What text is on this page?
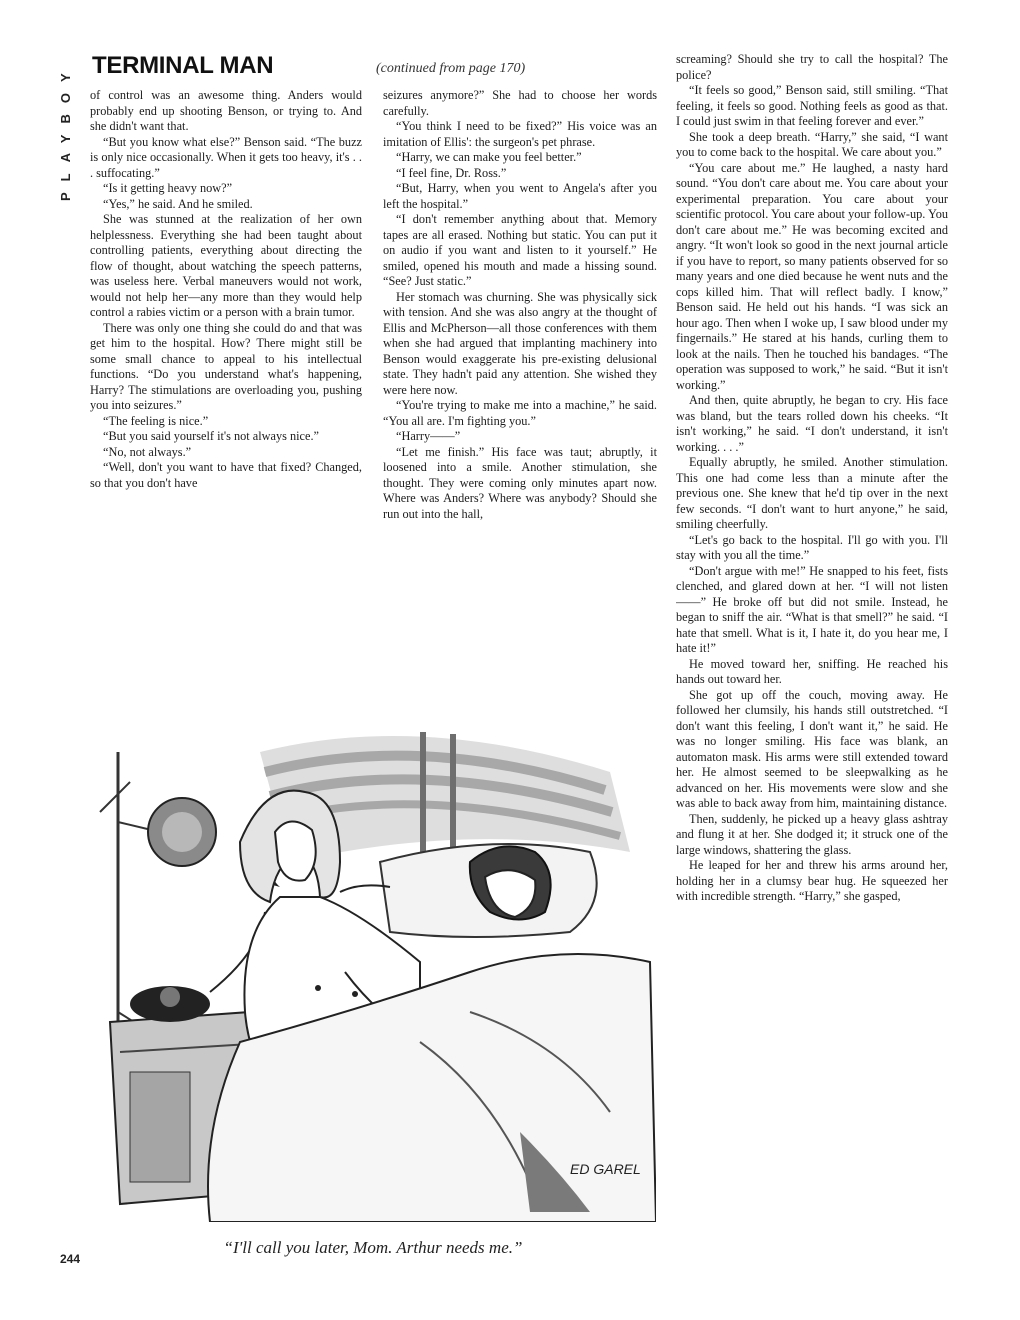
PLAYBOY TERMINAL MAN	(continued from page 170)

of control was an awesome thing. Anders would probably end up shooting Benson, or trying to. And she didn't want that.

“But you know what else?” Benson said. “The buzz is only nice occasionally. When it gets too heavy, it's . . . suffocating.”

“Is it getting heavy now?”

“Yes,” he said. And he smiled.

She was stunned at the realization of her own helplessness. Everything she had been taught about controlling patients, everything about directing the flow of thought, about watching the speech patterns, was useless here. Verbal maneuvers would not work, would not help her—any more than they would help control a rabies victim or a person with a brain tumor.

There was only one thing she could do and that was get him to the hospital. How? There might still be some small chance to appeal to his intellectual functions. “Do you understand what's happening, Harry? The stimulations are overloading you, pushing you into seizures.”

“The feeling is nice.”

“But you said yourself it's not always nice.”

“No, not always.”

“Well, don't you want to have that fixed? Changed, so that you don't have

seizures anymore?” She had to choose her words carefully.

“You think I need to be fixed?” His voice was an imitation of Ellis': the surgeon's pet phrase.

“Harry, we can make you feel better.”

“I feel fine, Dr. Ross.”

“But, Harry, when you went to Angela's after you left the hospital.”

“I don't remember anything about that. Memory tapes are all erased. Nothing but static. You can put it on audio if you want and listen to it yourself.” He smiled, opened his mouth and made a hissing sound. “See? Just static.”

Her stomach was churning. She was physically sick with tension. And she was also angry at the thought of Ellis and McPherson—all those conferences with them when she had argued that implanting machinery into Benson would exaggerate his pre-existing delusional state. They hadn't paid any attention. She wished they were here now.

“You're trying to make me into a machine,” he said. “You all are. I'm fighting you.”

“Harry——”

“Let me finish.” His face was taut; abruptly, it loosened into a smile. Another stimulation, she thought. They were coming only minutes apart now. Where was Anders? Where was anybody? Should she run out into the hall,

screaming? Should she try to call the hospital? The police?

“It feels so good,” Benson said, still smiling. “That feeling, it feels so good. Nothing feels as good as that. I could just swim in that feeling forever and ever.”

She took a deep breath. “Harry,” she said, “I want you to come back to the hospital. We care about you.”

“You care about me.” He laughed, a nasty hard sound. “You don't care about me. You care about your experimental preparation. You care about your scientific protocol. You care about your follow-up. You don't care about me.” He was becoming excited and angry. “It won't look so good in the next journal article if you have to report, so many patients observed for so many years and one died because he went nuts and the cops killed him. That will reflect badly. I know,” Benson said. He held out his hands. “I was sick an hour ago. Then when I woke up, I saw blood under my fingernails.” He stared at his hands, curling them to look at the nails. Then he touched his bandages. “The operation was supposed to work,” he said. “But it isn't working.”

And then, quite abruptly, he began to cry. His face was bland, but the tears rolled down his cheeks. “It isn't working,” he said. “I don't understand, it isn't working. . . .”

Equally abruptly, he smiled. Another stimulation. This one had come less than a minute after the previous one. She knew that he'd tip over in the next few seconds. “I don't want to hurt anyone,” he said, smiling cheerfully.

“Let's go back to the hospital. I'll go with you. I'll stay with you all the time.”

“Don't argue with me!” He snapped to his feet, fists clenched, and glared down at her. “I will not listen——” He broke off but did not smile. Instead, he began to sniff the air. “What is that smell?” he said. “I hate that smell. What is it, I hate it, do you hear me, I hate it!”

He moved toward her, sniffing. He reached his hands out toward her.

She got up off the couch, moving away. He followed her clumsily, his hands still outstretched. “I don't want this feeling, I don't want it,” he said. He was no longer smiling. His face was blank, an automaton mask. His arms were still extended toward her. He almost seemed to be sleepwalking as he advanced on her. His movements were slow and she was able to back away from him, maintaining distance.

Then, suddenly, he picked up a heavy glass ashtray and flung it at her. She dodged it; it struck one of the large windows, shattering the glass.

He leaped for her and threw his arms around her, holding her in a clumsy bear hug. He squeezed her with incredible strength. “Harry,” she gasped,

ED GAREL
“I'll call you later, Mom. Arthur needs me.”
244
